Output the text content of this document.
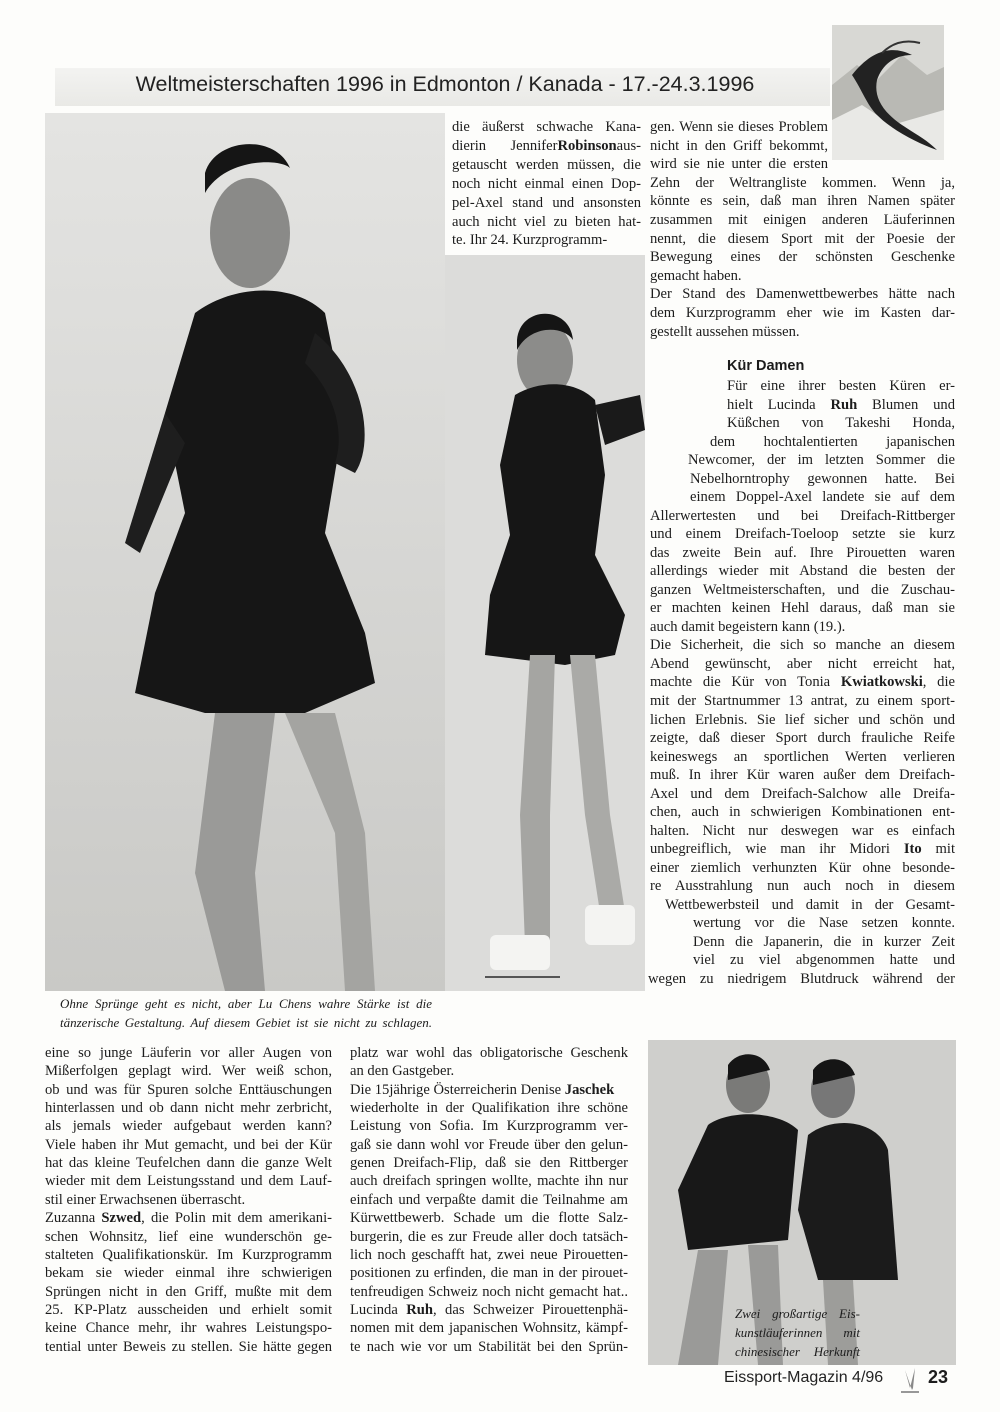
Weltmeisterschaften 1996 in Edmonton / Kanada - 17.-24.3.1996
Kür Damen
die äußerst schwache Kana-
dierin JenniferRobinsonaus-
getauscht werden müssen, die
noch nicht einmal einen Dop-
pel-Axel stand und ansonsten
auch nicht viel zu bieten hat-
te. Ihr 24. Kurzprogramm-
gen. Wenn sie dieses Problem
nicht in den Griff bekommt,
wird sie nie unter die ersten
Zehn der Weltrangliste kommen. Wenn ja,
könnte es sein, daß man ihren Namen später
zusammen mit einigen anderen Läuferinnen
nennt, die diesem Sport mit der Poesie der
Bewegung eines der schönsten Geschenke
gemacht haben.
Der Stand des Damenwettbewerbes hätte nach
dem Kurzprogramm eher wie im Kasten dar-
gestellt aussehen müssen.
Für eine ihrer besten Küren er-
hielt Lucinda Ruh Blumen und
Küßchen von Takeshi Honda,
dem hochtalentierten japanischen
Newcomer, der im letzten Sommer die
Nebelhorntrophy gewonnen hatte. Bei
einem Doppel-Axel landete sie auf dem
Allerwertesten und bei Dreifach-Rittberger
und einem Dreifach-Toeloop setzte sie kurz
das zweite Bein auf. Ihre Pirouetten waren
allerdings wieder mit Abstand die besten der
ganzen Weltmeisterschaften, und die Zuschau-
er machten keinen Hehl daraus, daß man sie
auch damit begeistern kann (19.).
Die Sicherheit, die sich so manche an diesem
Abend gewünscht, aber nicht erreicht hat,
machte die Kür von Tonia Kwiatkowski, die
mit der Startnummer 13 antrat, zu einem sport-
lichen Erlebnis. Sie lief sicher und schön und
zeigte, daß dieser Sport durch frauliche Reife
keineswegs an sportlichen Werten verlieren
muß. In ihrer Kür waren außer dem Dreifach-
Axel und dem Dreifach-Salchow alle Dreifa-
chen, auch in schwierigen Kombinationen ent-
halten. Nicht nur deswegen war es einfach
unbegreiflich, wie man ihr Midori Ito mit
einer ziemlich verhunzten Kür ohne besonde-
re Ausstrahlung nun auch noch in diesem
Wettbewerbsteil und damit in der Gesamt-
wertung vor die Nase setzen konnte.
Denn die Japanerin, die in kurzer Zeit
viel zu viel abgenommen hatte und
wegen zu niedrigem Blutdruck während der
eine so junge Läuferin vor aller Augen von
Mißerfolgen geplagt wird. Wer weiß schon,
ob und was für Spuren solche Enttäuschungen
hinterlassen und ob dann nicht mehr zerbricht,
als jemals wieder aufgebaut werden kann?
Viele haben ihr Mut gemacht, und bei der Kür
hat das kleine Teufelchen dann die ganze Welt
wieder mit dem Leistungsstand und dem Lauf-
stil einer Erwachsenen überrascht.
Zuzanna Szwed, die Polin mit dem amerikani-
schen Wohnsitz, lief eine wunderschön ge-
stalteten Qualifikationskür. Im Kurzprogramm
bekam sie wieder einmal ihre schwierigen
Sprüngen nicht in den Griff, mußte mit dem
25. KP-Platz ausscheiden und erhielt somit
keine Chance mehr, ihr wahres Leistungspo-
tential unter Beweis zu stellen. Sie hätte gegen
platz war wohl das obligatorische Geschenk
an den Gastgeber.
Die 15jährige Österreicherin Denise Jaschek
wiederholte in der Qualifikation ihre schöne
Leistung von Sofia. Im Kurzprogramm ver-
gaß sie dann wohl vor Freude über den gelun-
genen Dreifach-Flip, daß sie den Rittberger
auch dreifach springen wollte, machte ihn nur
einfach und verpaßte damit die Teilnahme am
Kürwettbewerb. Schade um die flotte Salz-
burgerin, die es zur Freude aller doch tatsäch-
lich noch geschafft hat, zwei neue Pirouetten-
positionen zu erfinden, die man in der pirouet-
tenfreudigen Schweiz noch nicht gemacht hat..
Lucinda Ruh, das Schweizer Pirouettenphä-
nomen mit dem japanischen Wohnsitz, kämpf-
te nach wie vor um Stabilität bei den Sprün-
Ohne Sprünge geht es nicht, aber Lu Chens wahre Stärke ist die
tänzerische Gestaltung. Auf diesem Gebiet ist sie nicht zu schlagen.
Zwei großartige Eis-
kunstläuferinnen mit
chinesischer Herkunft
Eissport-Magazin 4/96 23
